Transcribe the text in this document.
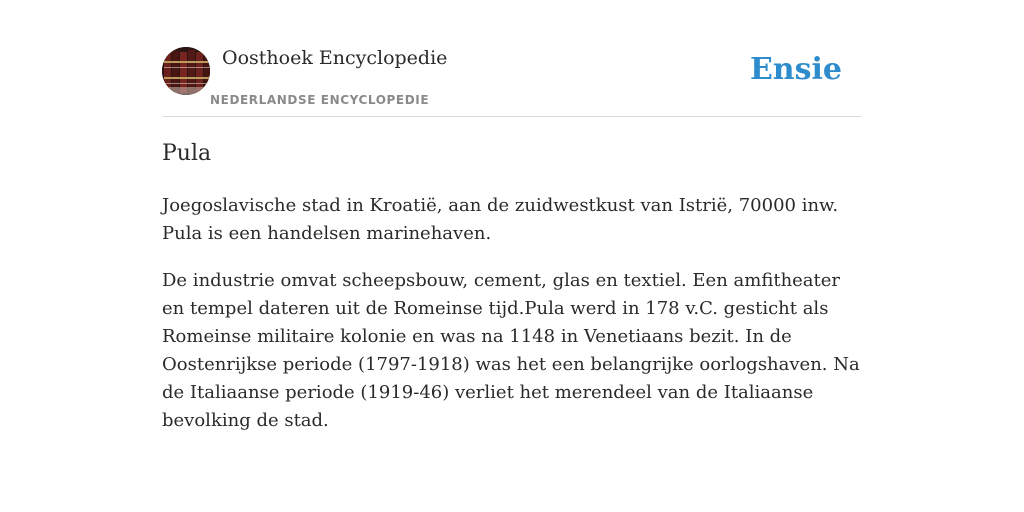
Oosthoek Encyclopedie
NEDERLANDSE ENCYCLOPEDIE
Ensie
Pula

Joegoslavische stad in Kroatië, aan de zuidwestkust van Istrië, 70000 inw. Pula is een handelsen marinehaven.

De industrie omvat scheepsbouw, cement, glas en textiel. Een amfitheater en tempel dateren uit de Romeinse tijd.Pula werd in 178 v.C. gesticht als Romeinse militaire kolonie en was na 1148 in Venetiaans bezit. In de Oostenrijkse periode (1797-1918) was het een belangrijke oorlogshaven. Na de Italiaanse periode (1919-46) verliet het merendeel van de Italiaanse bevolking de stad.
